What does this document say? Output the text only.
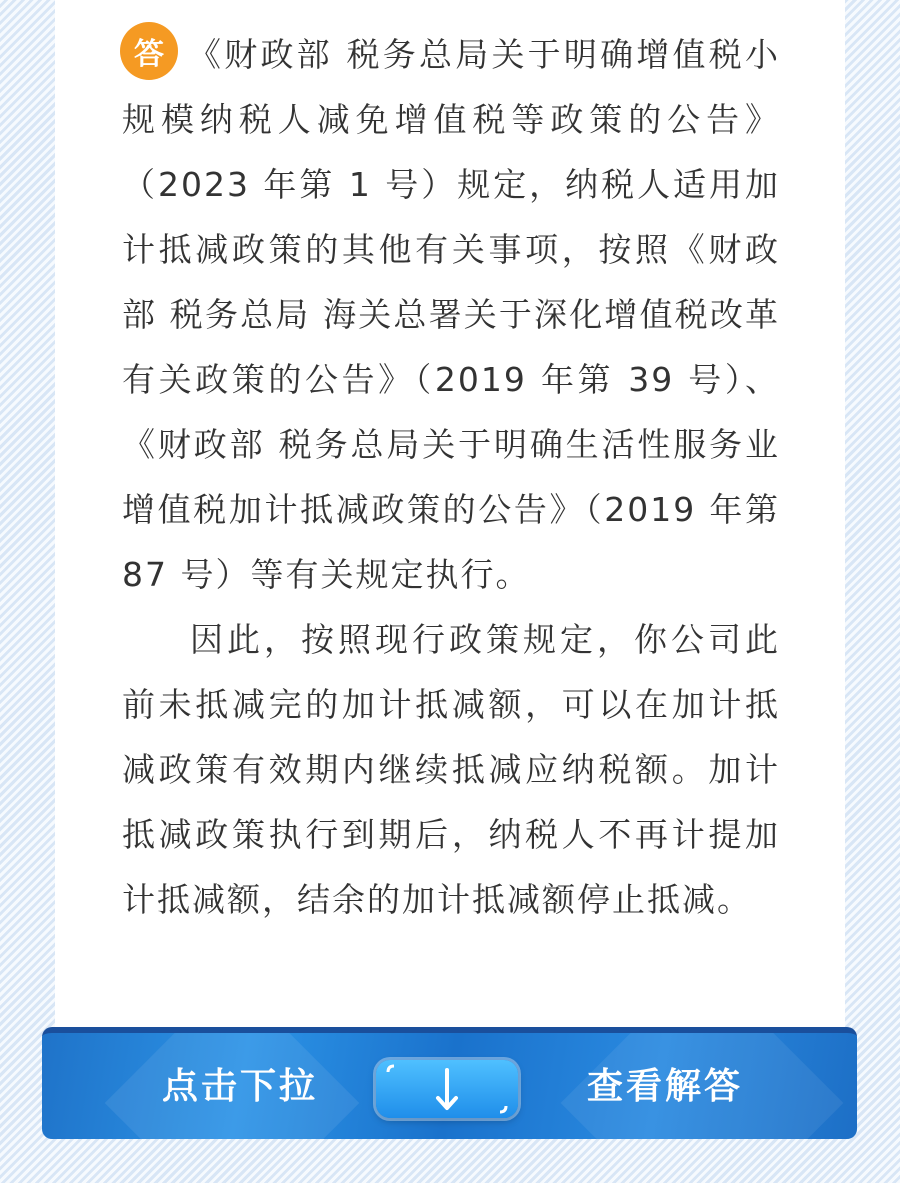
答 《财政部 税务总局关于明确增值税小规模纳税人减免增值税等政策的公告》（2023 年第 1 号）规定，纳税人适用加计抵减政策的其他有关事项，按照《财政部 税务总局 海关总署关于深化增值税改革有关政策的公告》（2019 年第 39 号）、《财政部 税务总局关于明确生活性服务业增值税加计抵减政策的公告》（2019 年第 87 号）等有关规定执行。

因此，按照现行政策规定，你公司此前未抵减完的加计抵减额，可以在加计抵减政策有效期内继续抵减应纳税额。加计抵减政策执行到期后，纳税人不再计提加计抵减额，结余的加计抵减额停止抵减。

点击下拉	查看解答
